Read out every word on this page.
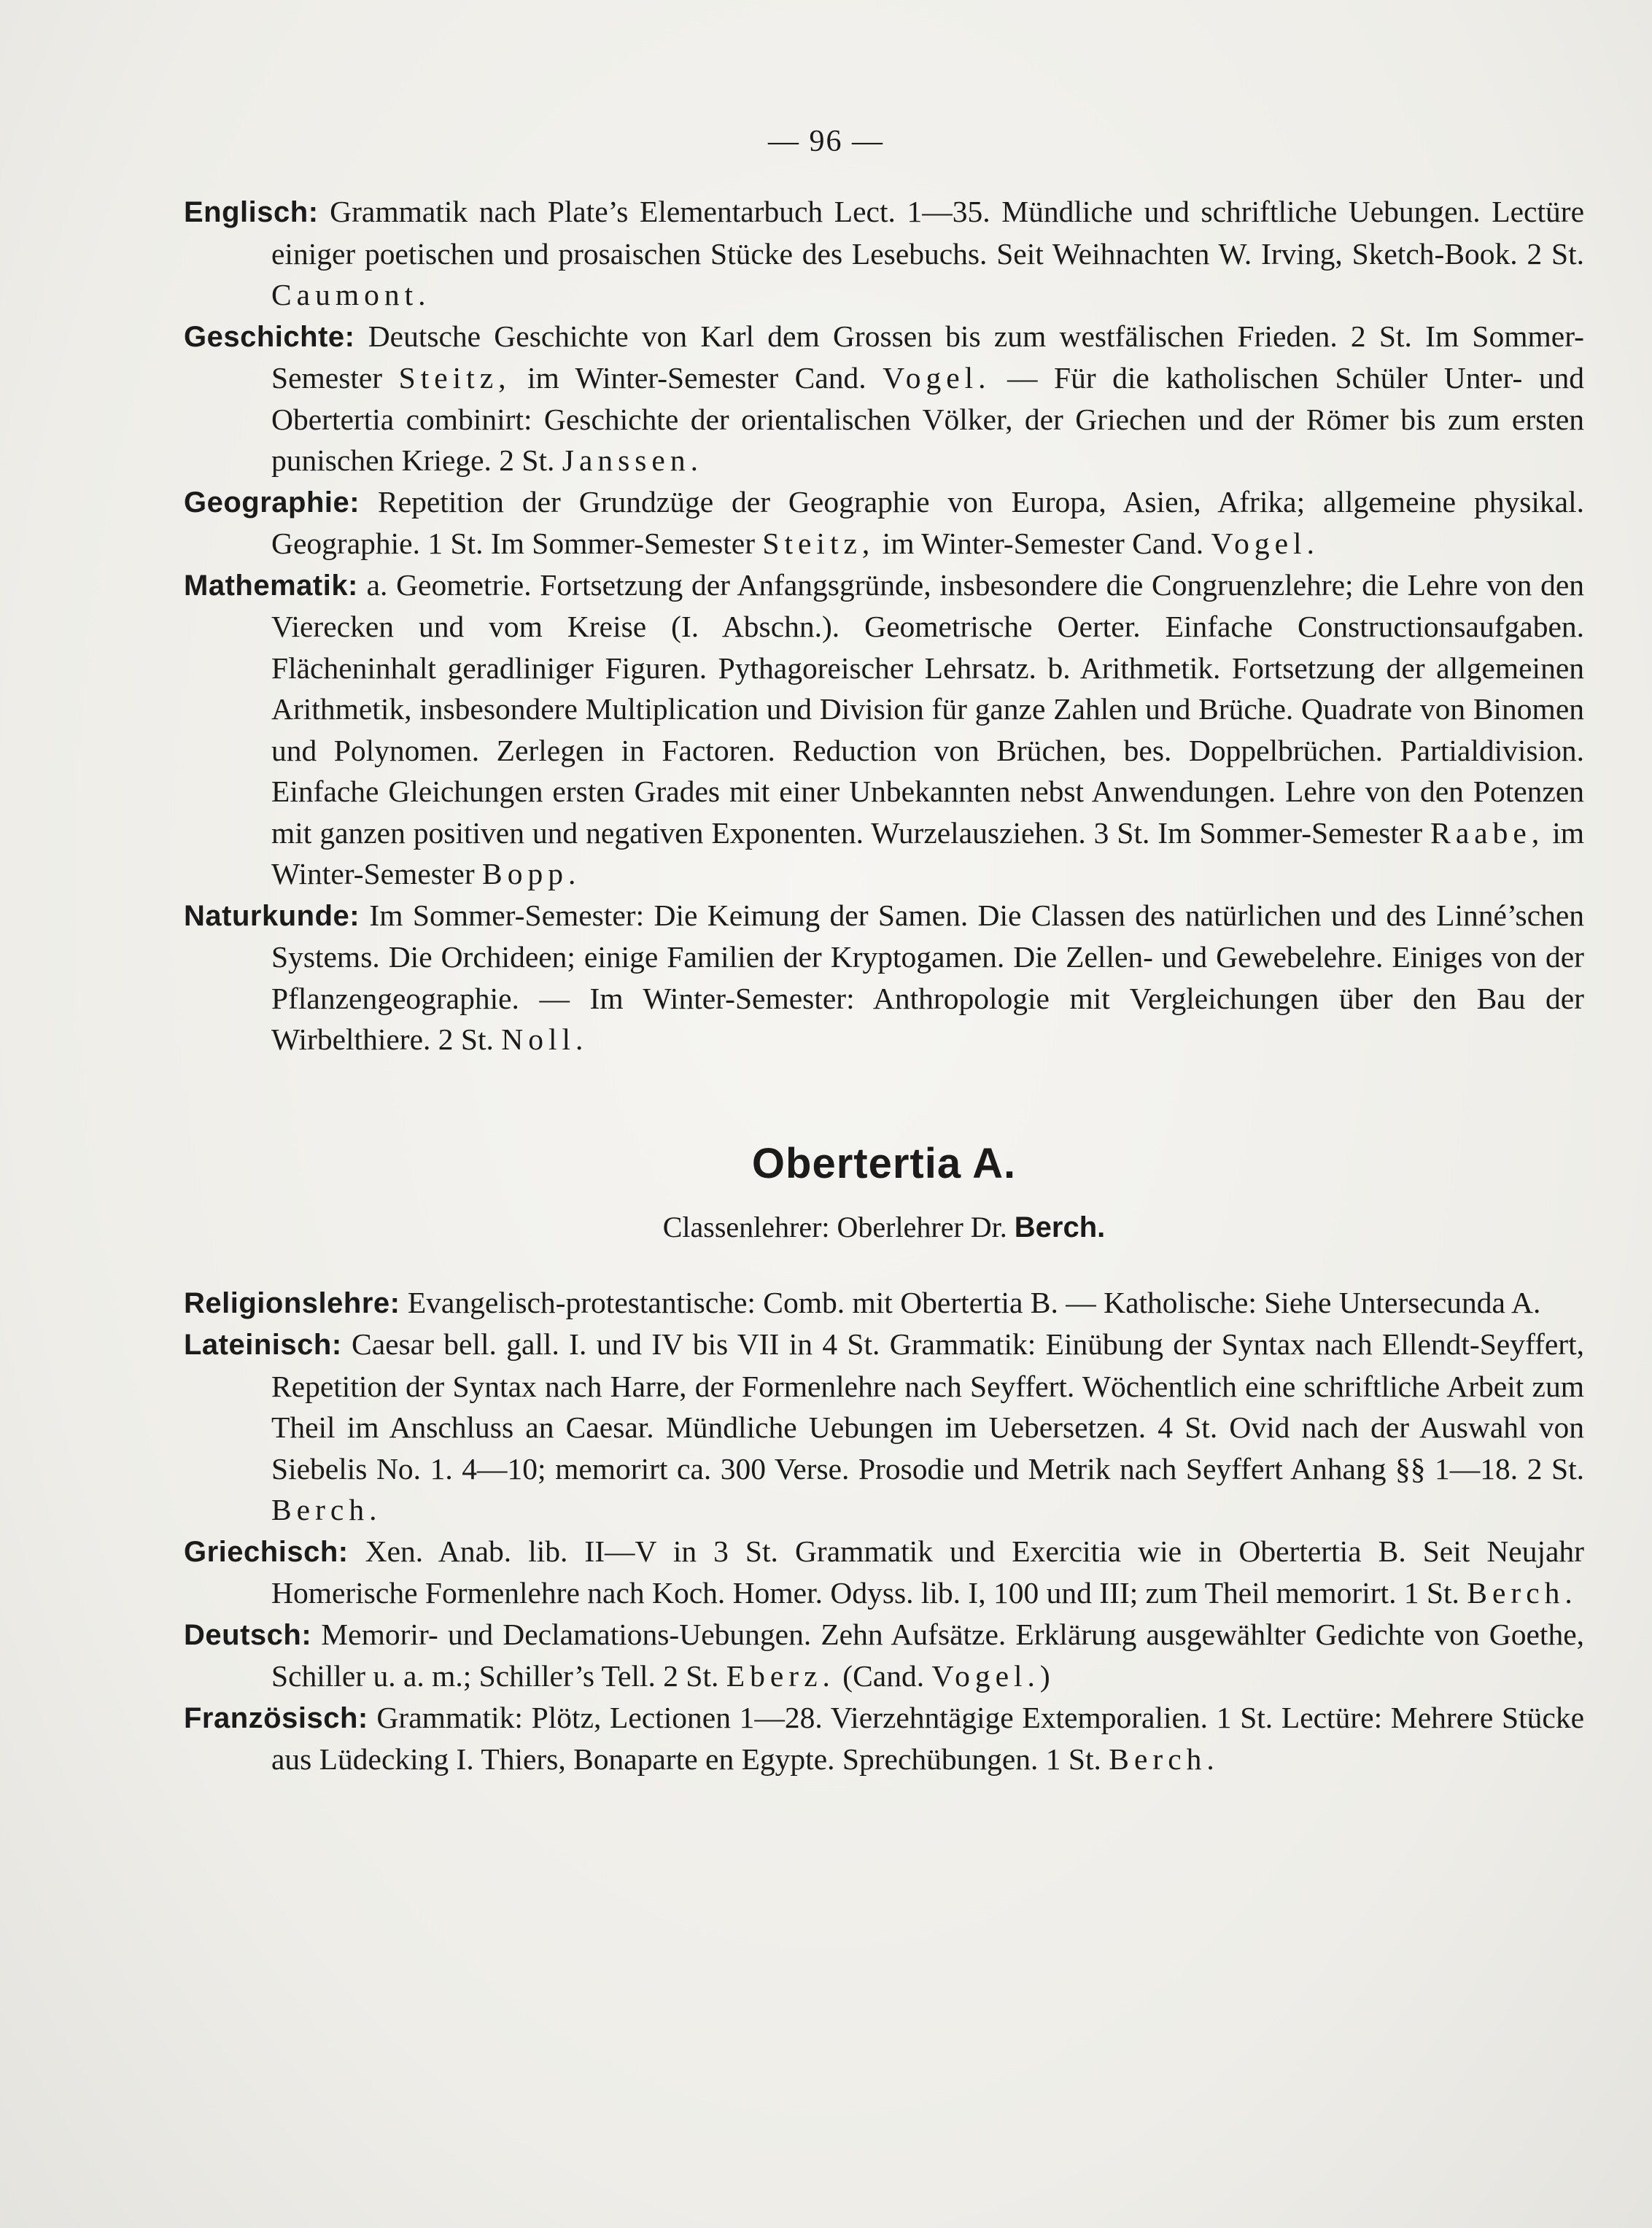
— 96 —

Englisch: Grammatik nach Plate’s Elementarbuch Lect. 1—35. Mündliche und schriftliche Uebungen. Lectüre einiger poetischen und prosaischen Stücke des Lesebuchs. Seit Weihnachten W. Irving, Sketch-Book. 2 St. Caumont.

Geschichte: Deutsche Geschichte von Karl dem Grossen bis zum westfälischen Frieden. 2 St. Im Sommer-Semester Steitz, im Winter-Semester Cand. Vogel. — Für die katholischen Schüler Unter- und Obertertia combinirt: Geschichte der orientalischen Völker, der Griechen und der Römer bis zum ersten punischen Kriege. 2 St. Janssen.

Geographie: Repetition der Grundzüge der Geographie von Europa, Asien, Afrika; allgemeine physikal. Geographie. 1 St. Im Sommer-Semester Steitz, im Winter-Semester Cand. Vogel.

Mathematik: a. Geometrie. Fortsetzung der Anfangsgründe, insbesondere die Congruenzlehre; die Lehre von den Vierecken und vom Kreise (I. Abschn.). Geometrische Oerter. Einfache Constructionsaufgaben. Flächeninhalt geradliniger Figuren. Pythagoreischer Lehrsatz. b. Arithmetik. Fortsetzung der allgemeinen Arithmetik, insbesondere Multiplication und Division für ganze Zahlen und Brüche. Quadrate von Binomen und Polynomen. Zerlegen in Factoren. Reduction von Brüchen, bes. Doppelbrüchen. Partialdivision. Einfache Gleichungen ersten Grades mit einer Unbekannten nebst Anwendungen. Lehre von den Potenzen mit ganzen positiven und negativen Exponenten. Wurzelausziehen. 3 St. Im Sommer-Semester Raabe, im Winter-Semester Bopp.

Naturkunde: Im Sommer-Semester: Die Keimung der Samen. Die Classen des natürlichen und des Linné’schen Systems. Die Orchideen; einige Familien der Kryptogamen. Die Zellen- und Gewebelehre. Einiges von der Pflanzengeographie. — Im Winter-Semester: Anthropologie mit Vergleichungen über den Bau der Wirbelthiere. 2 St. Noll.

Obertertia A.
Classenlehrer: Oberlehrer Dr. Berch.

Religionslehre: Evangelisch-protestantische: Comb. mit Obertertia B. — Katholische: Siehe Untersecunda A.

Lateinisch: Caesar bell. gall. I. und IV bis VII in 4 St. Grammatik: Einübung der Syntax nach Ellendt-Seyffert, Repetition der Syntax nach Harre, der Formenlehre nach Seyffert. Wöchentlich eine schriftliche Arbeit zum Theil im Anschluss an Caesar. Mündliche Uebungen im Uebersetzen. 4 St. Ovid nach der Auswahl von Siebelis No. 1. 4—10; memorirt ca. 300 Verse. Prosodie und Metrik nach Seyffert Anhang §§ 1—18. 2 St. Berch.

Griechisch: Xen. Anab. lib. II—V in 3 St. Grammatik und Exercitia wie in Obertertia B. Seit Neujahr Homerische Formenlehre nach Koch. Homer. Odyss. lib. I, 100 und III; zum Theil memorirt. 1 St. Berch.

Deutsch: Memorir- und Declamations-Uebungen. Zehn Aufsätze. Erklärung ausgewählter Gedichte von Goethe, Schiller u. a. m.; Schiller’s Tell. 2 St. Eberz. (Cand. Vogel.)

Französisch: Grammatik: Plötz, Lectionen 1—28. Vierzehntägige Extemporalien. 1 St. Lectüre: Mehrere Stücke aus Lüdecking I. Thiers, Bonaparte en Egypte. Sprechübungen. 1 St. Berch.
